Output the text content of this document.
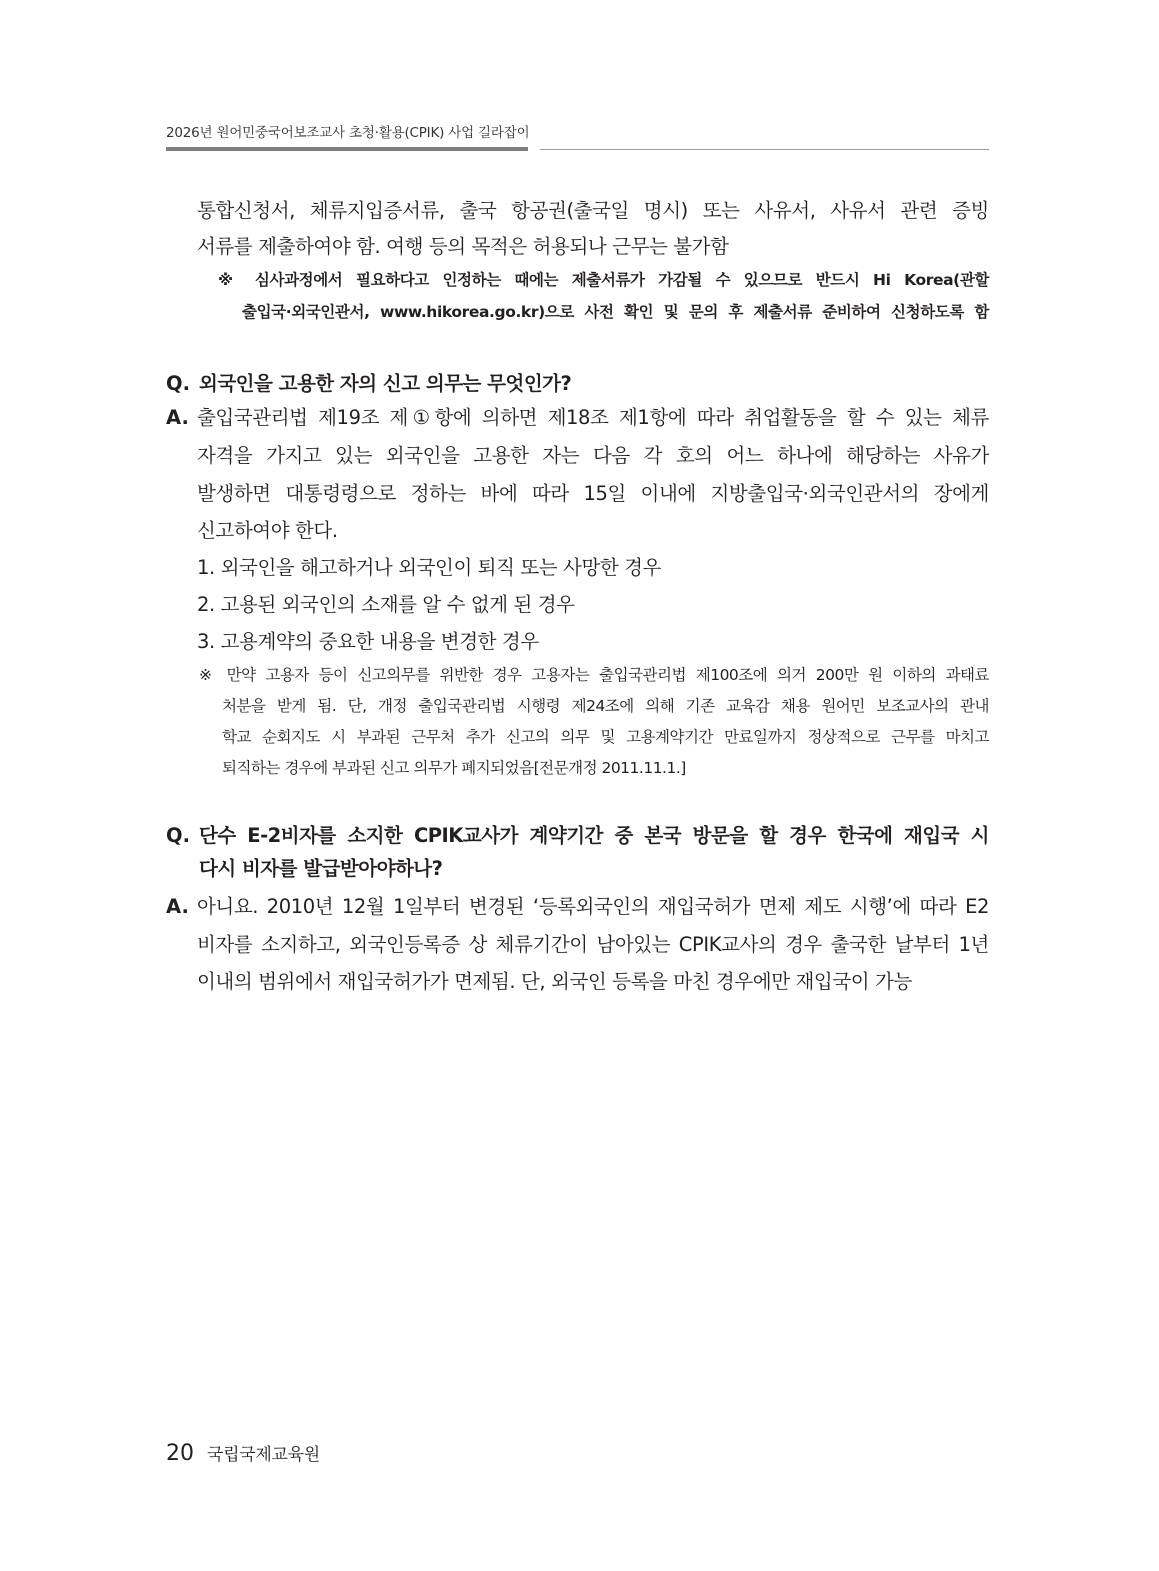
2026년 원어민중국어보조교사 초청·활용(CPIK) 사업 길라잡이
통합신청서, 체류지입증서류, 출국 항공권(출국일 명시) 또는 사유서, 사유서 관련 증빙
서류를 제출하여야 함. 여행 등의 목적은 허용되나 근무는 불가함
※ 심사과정에서 필요하다고 인정하는 때에는 제출서류가 가감될 수 있으므로 반드시 Hi Korea(관할
출입국·외국인관서, www.hikorea.go.kr)으로 사전 확인 및 문의 후 제출서류 준비하여 신청하도록 함
Q. 외국인을 고용한 자의 신고 의무는 무엇인가?
A. 출입국관리법 제19조 제①항에 의하면 제18조 제1항에 따라 취업활동을 할 수 있는 체류
자격을 가지고 있는 외국인을 고용한 자는 다음 각 호의 어느 하나에 해당하는 사유가
발생하면 대통령령으로 정하는 바에 따라 15일 이내에 지방출입국·외국인관서의 장에게
신고하여야 한다.
1. 외국인을 해고하거나 외국인이 퇴직 또는 사망한 경우
2. 고용된 외국인의 소재를 알 수 없게 된 경우
3. 고용계약의 중요한 내용을 변경한 경우
※ 만약 고용자 등이 신고의무를 위반한 경우 고용자는 출입국관리법 제100조에 의거 200만 원 이하의 과태료
처분을 받게 됨. 단, 개정 출입국관리법 시행령 제24조에 의해 기존 교육감 채용 원어민 보조교사의 관내
학교 순회지도 시 부과된 근무처 추가 신고의 의무 및 고용계약기간 만료일까지 정상적으로 근무를 마치고
퇴직하는 경우에 부과된 신고 의무가 폐지되었음[전문개정 2011.11.1.]
Q. 단수 E-2비자를 소지한 CPIK교사가 계약기간 중 본국 방문을 할 경우 한국에 재입국 시
다시 비자를 발급받아야하나?
A. 아니요. 2010년 12월 1일부터 변경된 ‘등록외국인의 재입국허가 면제 제도 시행’에 따라 E2
비자를 소지하고, 외국인등록증 상 체류기간이 남아있는 CPIK교사의 경우 출국한 날부터 1년
이내의 범위에서 재입국허가가 면제됨. 단, 외국인 등록을 마친 경우에만 재입국이 가능
20 국립국제교육원
